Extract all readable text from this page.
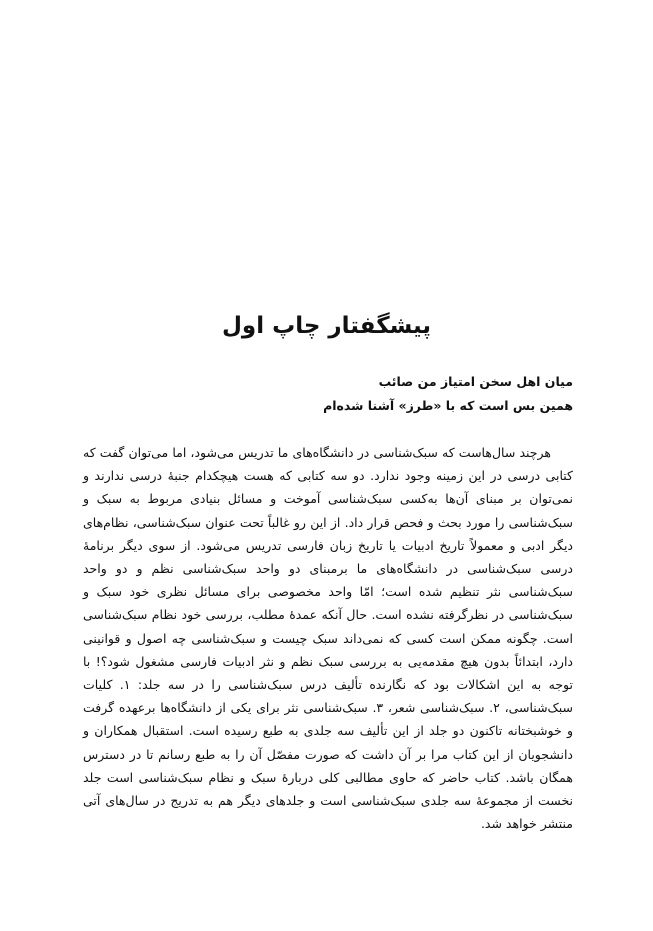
پیشگفتار چاپ اول
میان اهل سخن امتیاز من صائب
همین بس است که با «طرز» آشنا شده‌ام

هرچند سال‌هاست که سبک‌شناسی در دانشگاه‌های ما تدریس می‌شود، اما می‌توان گفت که کتابی درسی در این زمینه وجود ندارد. دو سه کتابی که هست هیچکدام جنبهٔ درسی ندارند و نمی‌توان بر مبنای آن‌ها به‌کسی سبک‌شناسی آموخت و مسائل بنیادی مربوط به سبک و سبک‌شناسی را مورد بحث و فحص قرار داد. از این رو غالباً تحت عنوان سبک‌شناسی، نظام‌های دیگر ادبی و معمولاً تاریخ ادبیات یا تاریخ زبان فارسی تدریس می‌شود. از سوی دیگر برنامهٔ درسی سبک‌شناسی در دانشگاه‌های ما برمبنای دو واحد سبک‌شناسی نظم و دو واحد سبک‌شناسی نثر تنظیم شده است؛ امّا واحد مخصوصی برای مسائل نظری خود سبک و سبک‌شناسی در نظرگرفته نشده است. حال آنکه عمدهٔ مطلب، بررسی خود نظام سبک‌شناسی است. چگونه ممکن است کسی که نمی‌داند سبک چیست و سبک‌شناسی چه اصول و قوانینی دارد، ابتدائاً بدون هیچ مقدمه‌یی به بررسی سبک نظم و نثر ادبیات فارسی مشغول شود؟! با توجه به این اشکالات بود که نگارنده تألیف درس سبک‌شناسی را در سه جلد: ۱. کلیات سبک‌شناسی، ۲. سبک‌شناسی شعر، ۳. سبک‌شناسی نثر برای یکی از دانشگاه‌ها برعهده گرفت و خوشبختانه تاکنون دو جلد از این تألیف سه جلدی به طبع رسیده است. استقبال همکاران و دانشجویان از این کتاب مرا بر آن داشت که صورت مفصّل آن را به طبع رسانم تا در دسترس همگان باشد. کتاب حاضر که حاوی مطالبی کلی دربارهٔ سبک و نظام سبک‌شناسی است جلد نخست از مجموعهٔ سه جلدی سبک‌شناسی است و جلدهای دیگر هم به تدریج در سال‌های آتی منتشر خواهد شد.
